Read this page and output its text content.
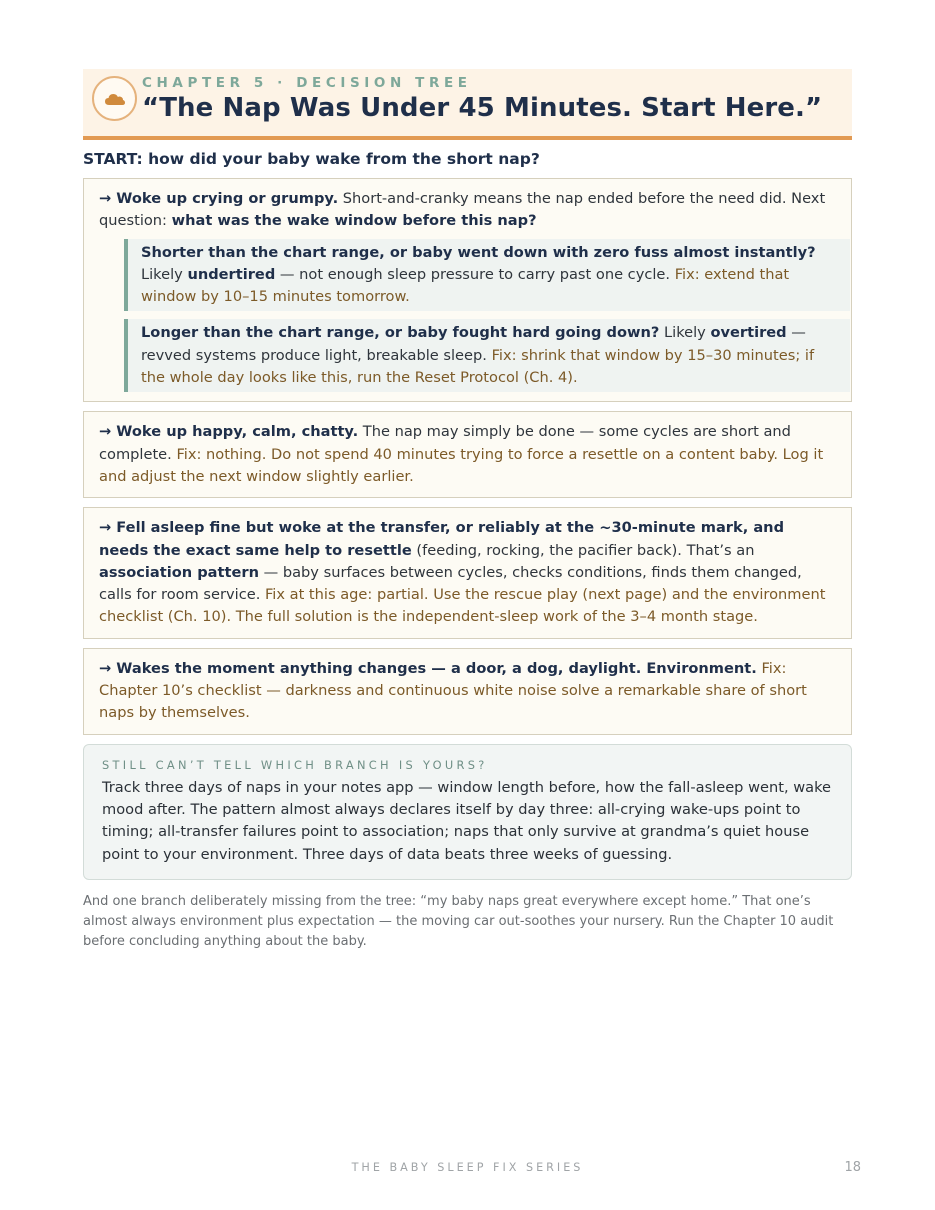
CHAPTER 5 · DECISION TREE
“The Nap Was Under 45 Minutes. Start Here.”
START: how did your baby wake from the short nap?
→ Woke up crying or grumpy. Short-and-cranky means the nap ended before the need did. Next question: what was the wake window before this nap?
Shorter than the chart range, or baby went down with zero fuss almost instantly? Likely undertired — not enough sleep pressure to carry past one cycle. Fix: extend that window by 10–15 minutes tomorrow.
Longer than the chart range, or baby fought hard going down? Likely overtired — revved systems produce light, breakable sleep. Fix: shrink that window by 15–30 minutes; if the whole day looks like this, run the Reset Protocol (Ch. 4).
→ Woke up happy, calm, chatty. The nap may simply be done — some cycles are short and complete. Fix: nothing. Do not spend 40 minutes trying to force a resettle on a content baby. Log it and adjust the next window slightly earlier.
→ Fell asleep fine but woke at the transfer, or reliably at the ~30-minute mark, and needs the exact same help to resettle (feeding, rocking, the pacifier back). That’s an association pattern — baby surfaces between cycles, checks conditions, finds them changed, calls for room service. Fix at this age: partial. Use the rescue play (next page) and the environment checklist (Ch. 10). The full solution is the independent-sleep work of the 3–4 month stage.
→ Wakes the moment anything changes — a door, a dog, daylight. Environment. Fix: Chapter 10’s checklist — darkness and continuous white noise solve a remarkable share of short naps by themselves.
STILL CAN’T TELL WHICH BRANCH IS YOURS?
Track three days of naps in your notes app — window length before, how the fall-asleep went, wake mood after. The pattern almost always declares itself by day three: all-crying wake-ups point to timing; all-transfer failures point to association; naps that only survive at grandma’s quiet house point to your environment. Three days of data beats three weeks of guessing.
And one branch deliberately missing from the tree: “my baby naps great everywhere except home.” That one’s almost always environment plus expectation — the moving car out-soothes your nursery. Run the Chapter 10 audit before concluding anything about the baby.
THE BABY SLEEP FIX SERIES	18
